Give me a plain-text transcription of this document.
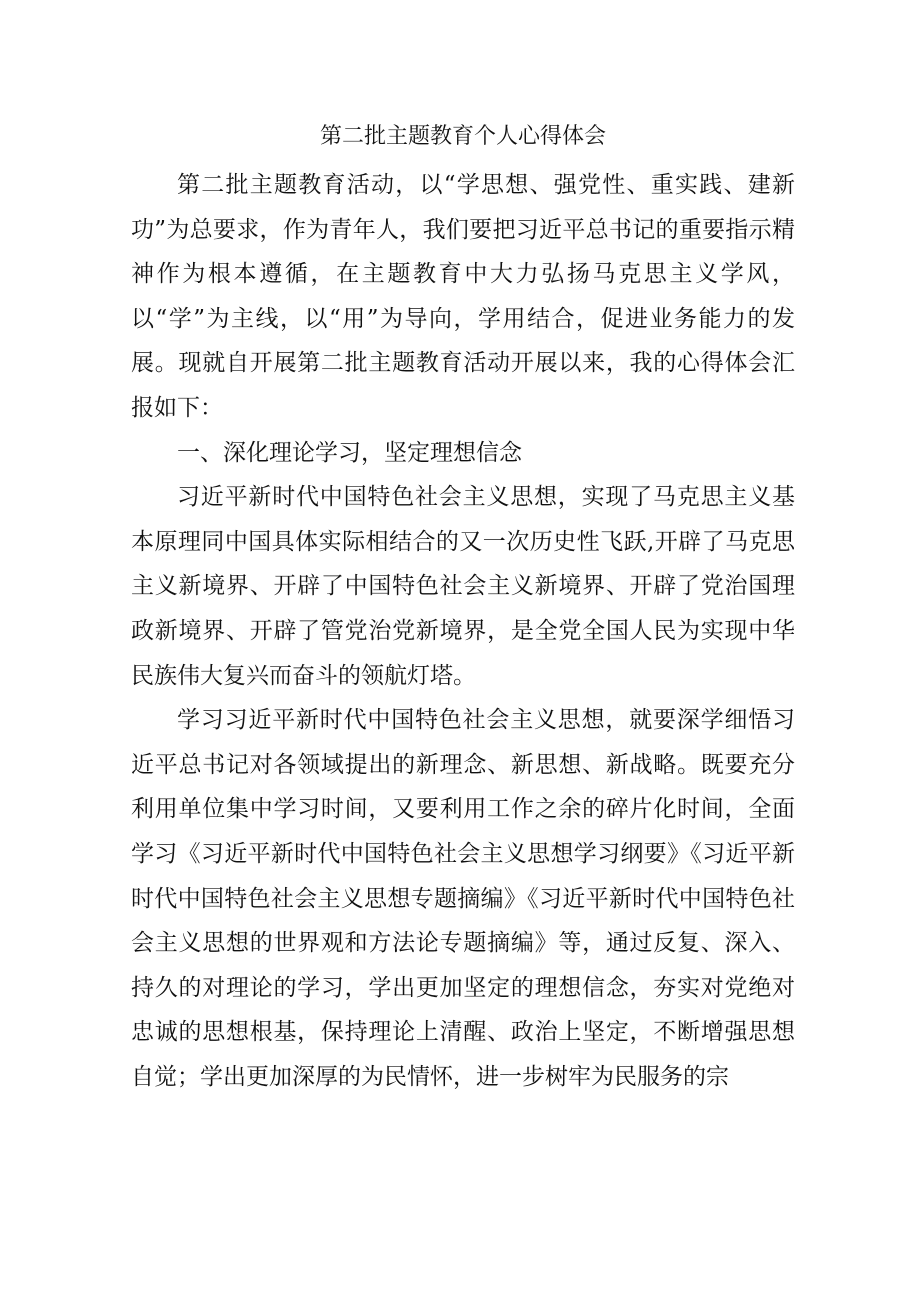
第二批主题教育个人心得体会

第二批主题教育活动，以“学思想、强党性、重实践、建新功”为总要求，作为青年人，我们要把习近平总书记的重要指示精神作为根本遵循，在主题教育中大力弘扬马克思主义学风，以“学”为主线，以“用”为导向，学用结合，促进业务能力的发展。现就自开展第二批主题教育活动开展以来，我的心得体会汇报如下：

一、深化理论学习，坚定理想信念

习近平新时代中国特色社会主义思想，实现了马克思主义基本原理同中国具体实际相结合的又一次历史性飞跃,开辟了马克思主义新境界、开辟了中国特色社会主义新境界、开辟了党治国理政新境界、开辟了管党治党新境界，是全党全国人民为实现中华民族伟大复兴而奋斗的领航灯塔。

学习习近平新时代中国特色社会主义思想，就要深学细悟习近平总书记对各领域提出的新理念、新思想、新战略。既要充分利用单位集中学习时间，又要利用工作之余的碎片化时间，全面学习《习近平新时代中国特色社会主义思想学习纲要》《习近平新时代中国特色社会主义思想专题摘编》《习近平新时代中国特色社会主义思想的世界观和方法论专题摘编》等，通过反复、深入、持久的对理论的学习，学出更加坚定的理想信念，夯实对党绝对忠诚的思想根基，保持理论上清醒、政治上坚定，不断增强思想自觉；学出更加深厚的为民情怀，进一步树牢为民服务的宗
